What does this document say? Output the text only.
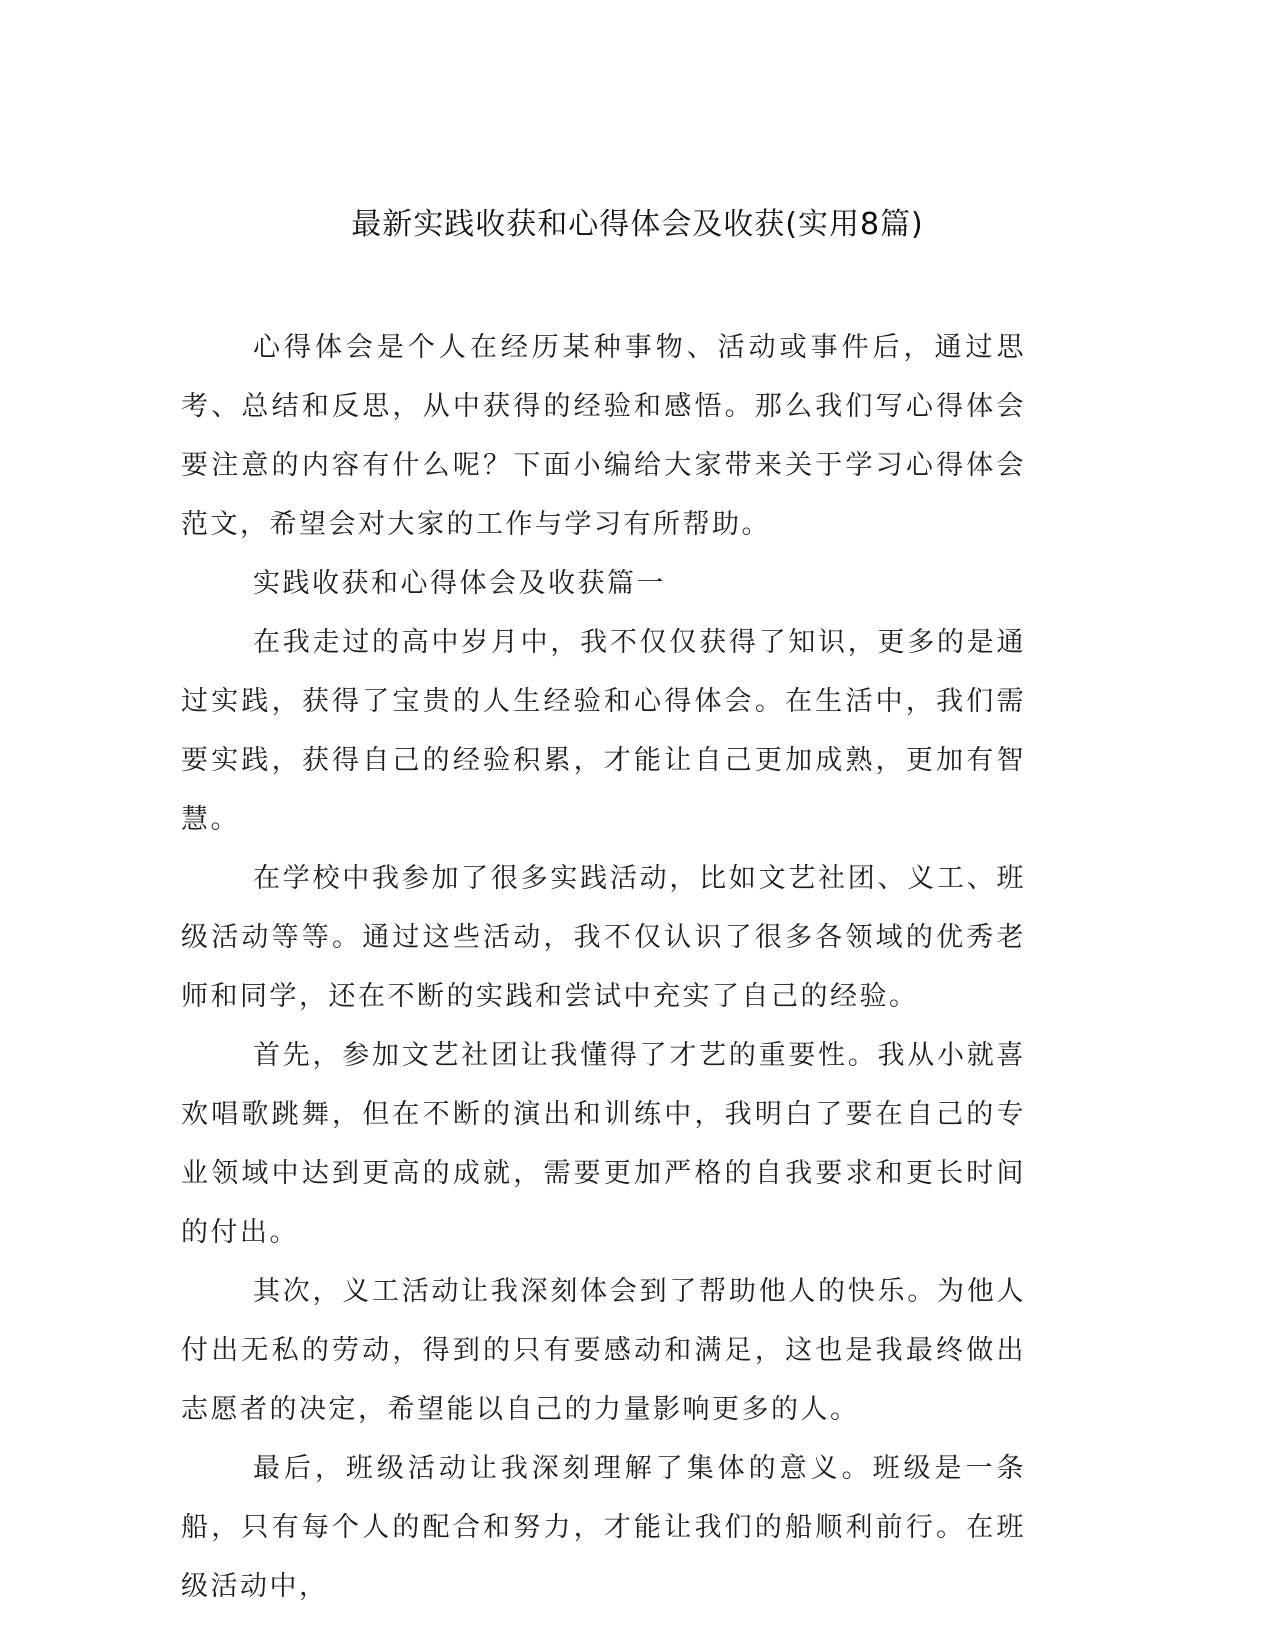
最新实践收获和心得体会及收获(实用8篇)

心得体会是个人在经历某种事物、活动或事件后，通过思考、总结和反思，从中获得的经验和感悟。那么我们写心得体会要注意的内容有什么呢？下面小编给大家带来关于学习心得体会范文，希望会对大家的工作与学习有所帮助。

实践收获和心得体会及收获篇一

在我走过的高中岁月中，我不仅仅获得了知识，更多的是通过实践，获得了宝贵的人生经验和心得体会。在生活中，我们需要实践，获得自己的经验积累，才能让自己更加成熟，更加有智慧。

在学校中我参加了很多实践活动，比如文艺社团、义工、班级活动等等。通过这些活动，我不仅认识了很多各领域的优秀老师和同学，还在不断的实践和尝试中充实了自己的经验。

首先，参加文艺社团让我懂得了才艺的重要性。我从小就喜欢唱歌跳舞，但在不断的演出和训练中，我明白了要在自己的专业领域中达到更高的成就，需要更加严格的自我要求和更长时间的付出。

其次，义工活动让我深刻体会到了帮助他人的快乐。为他人付出无私的劳动，得到的只有要感动和满足，这也是我最终做出志愿者的决定，希望能以自己的力量影响更多的人。

最后，班级活动让我深刻理解了集体的意义。班级是一条船，只有每个人的配合和努力，才能让我们的船顺利前行。在班级活动中，
